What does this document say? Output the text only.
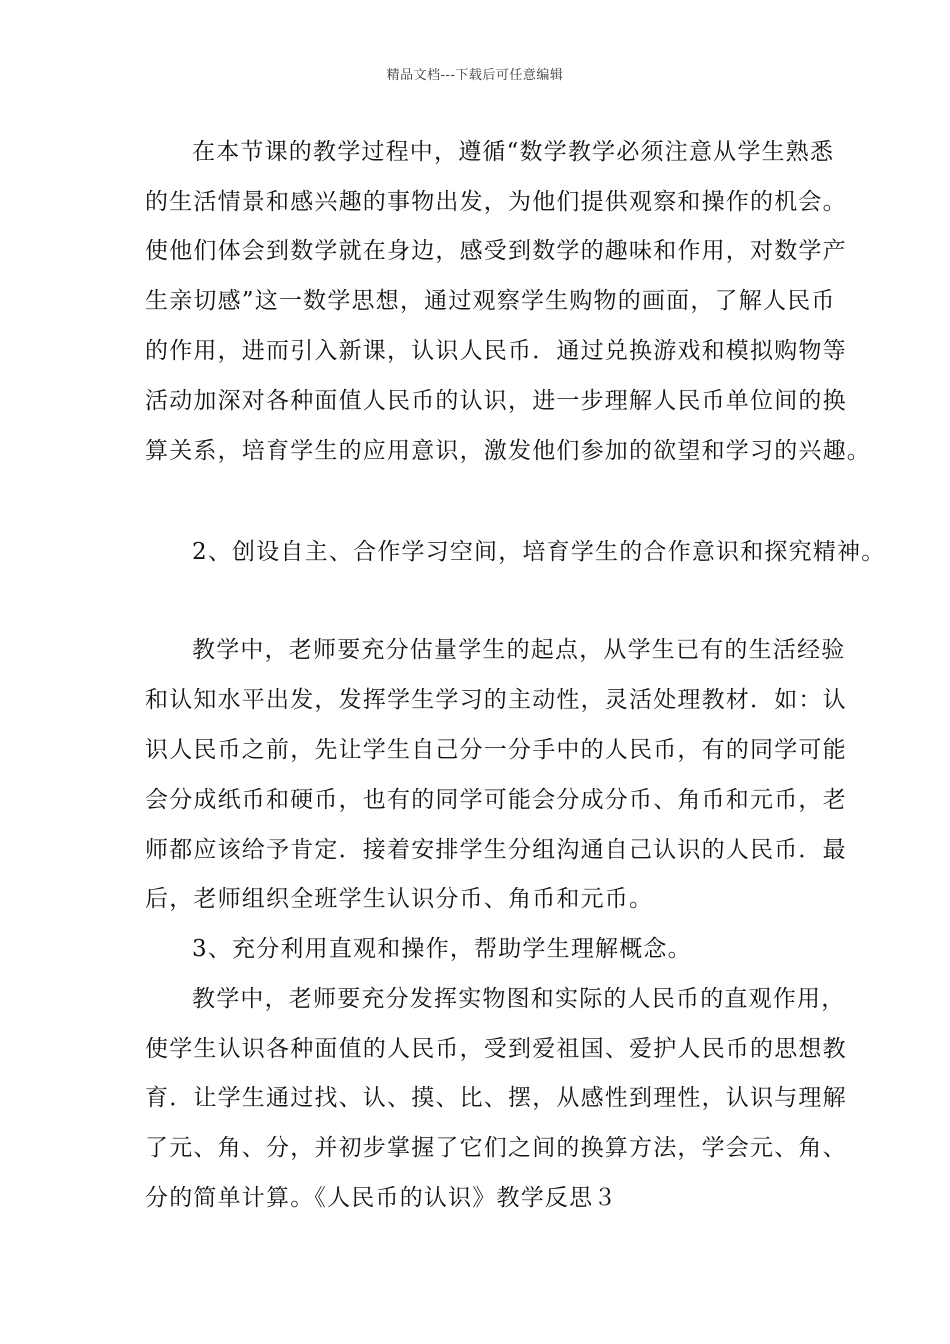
精品文档---下载后可任意编辑
在本节课的教学过程中，遵循“数学教学必须注意从学生熟悉
的生活情景和感兴趣的事物出发，为他们提供观察和操作的机会。
使他们体会到数学就在身边，感受到数学的趣味和作用，对数学产
生亲切感”这一数学思想，通过观察学生购物的画面，了解人民币
的作用，进而引入新课，认识人民币．通过兑换游戏和模拟购物等
活动加深对各种面值人民币的认识，进一步理解人民币单位间的换
算关系，培育学生的应用意识，激发他们参加的欲望和学习的兴趣。
2、创设自主、合作学习空间，培育学生的合作意识和探究精神。
教学中，老师要充分估量学生的起点，从学生已有的生活经验
和认知水平出发，发挥学生学习的主动性，灵活处理教材．如：认
识人民币之前，先让学生自己分一分手中的人民币，有的同学可能
会分成纸币和硬币，也有的同学可能会分成分币、角币和元币，老
师都应该给予肯定．接着安排学生分组沟通自己认识的人民币．最
后，老师组织全班学生认识分币、角币和元币。
3、充分利用直观和操作，帮助学生理解概念。
教学中，老师要充分发挥实物图和实际的人民币的直观作用，
使学生认识各种面值的人民币，受到爱祖国、爱护人民币的思想教
育．让学生通过找、认、摸、比、摆，从感性到理性，认识与理解
了元、角、分，并初步掌握了它们之间的换算方法，学会元、角、
分的简单计算。《人民币的认识》教学反思３
